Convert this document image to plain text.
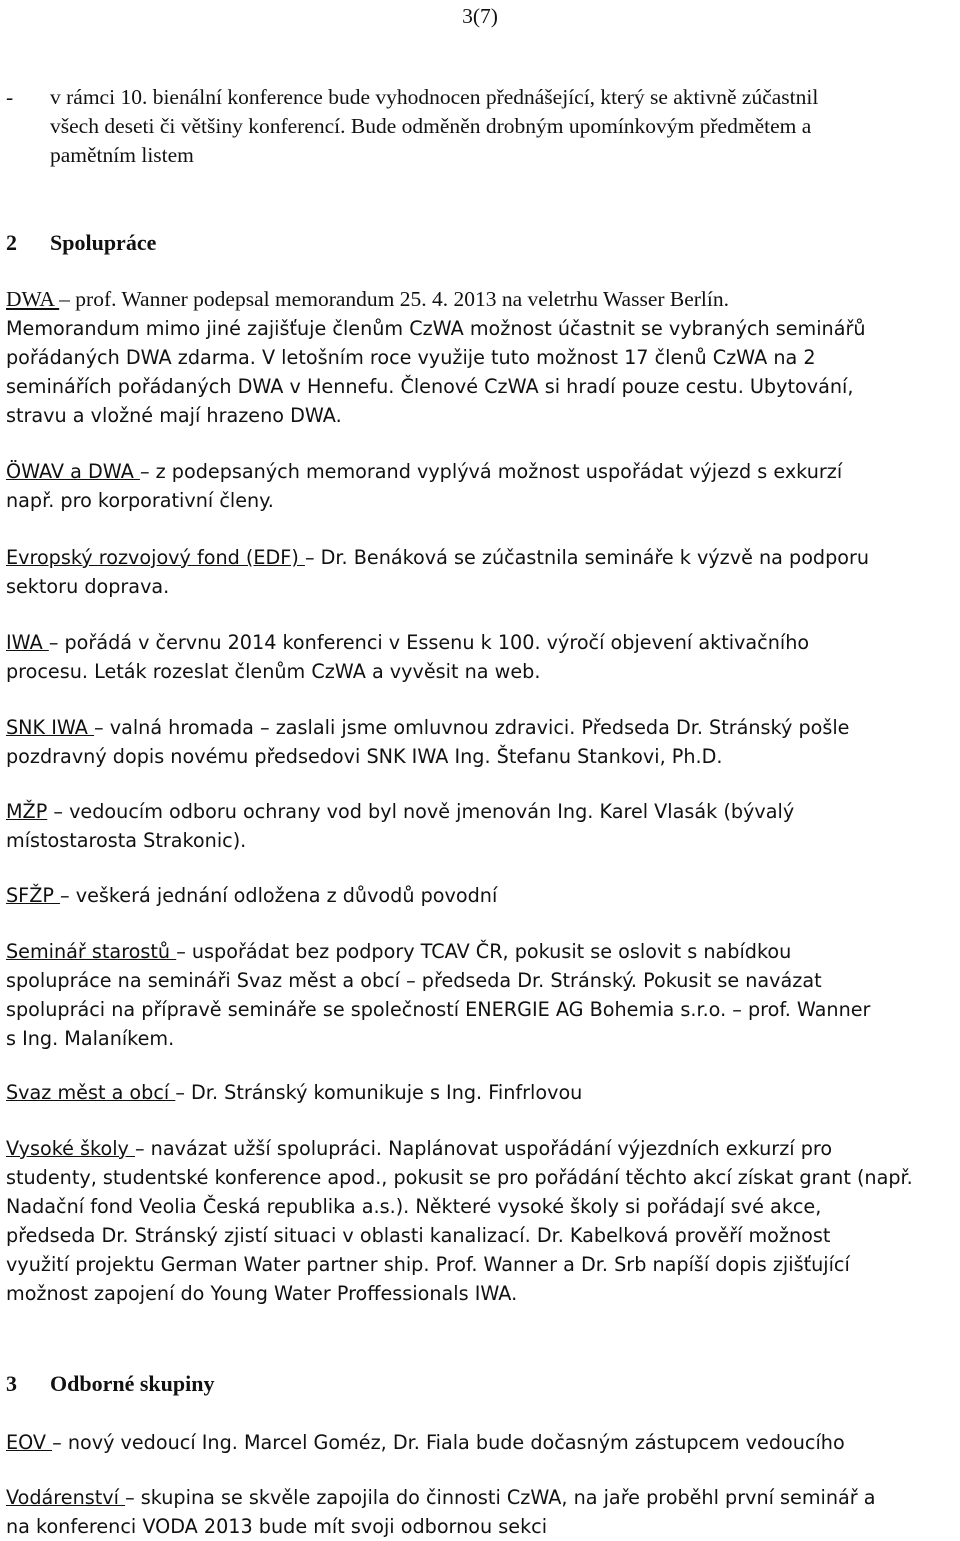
3(7)
- v rámci 10. bienální konference bude vyhodnocen přednášející, který se aktivně zúčastnil
všech deseti či většiny konferencí. Bude odměněn drobným upomínkovým předmětem a
pamětním listem
2 Spolupráce
DWA – prof. Wanner podepsal memorandum 25. 4. 2013 na veletrhu Wasser Berlín.
Memorandum mimo jiné zajišťuje členům CzWA možnost účastnit se vybraných seminářů
pořádaných DWA zdarma. V letošním roce využije tuto možnost 17 členů CzWA na 2
seminářích pořádaných DWA v Hennefu. Členové CzWA si hradí pouze cestu. Ubytování,
stravu a vložné mají hrazeno DWA.
ÖWAV a DWA – z podepsaných memorand vyplývá možnost uspořádat výjezd s exkurzí
např. pro korporativní členy.
Evropský rozvojový fond (EDF) – Dr. Benáková se zúčastnila semináře k výzvě na podporu
sektoru doprava.
IWA – pořádá v červnu 2014 konferenci v Essenu k 100. výročí objevení aktivačního
procesu. Leták rozeslat členům CzWA a vyvěsit na web.
SNK IWA – valná hromada – zaslali jsme omluvnou zdravici. Předseda Dr. Stránský pošle
pozdravný dopis novému předsedovi SNK IWA Ing. Štefanu Stankovi, Ph.D.
MŽP – vedoucím odboru ochrany vod byl nově jmenován Ing. Karel Vlasák (bývalý
místostarosta Strakonic).
SFŽP – veškerá jednání odložena z důvodů povodní
Seminář starostů – uspořádat bez podpory TCAV ČR, pokusit se oslovit s nabídkou
spolupráce na semináři Svaz měst a obcí – předseda Dr. Stránský. Pokusit se navázat
spolupráci na přípravě semináře se společností ENERGIE AG Bohemia s.r.o. – prof. Wanner
s Ing. Malaníkem.
Svaz měst a obcí – Dr. Stránský komunikuje s Ing. Finfrlovou
Vysoké školy – navázat užší spolupráci. Naplánovat uspořádání výjezdních exkurzí pro
studenty, studentské konference apod., pokusit se pro pořádání těchto akcí získat grant (např.
Nadační fond Veolia Česká republika a.s.). Některé vysoké školy si pořádají své akce,
předseda Dr. Stránský zjistí situaci v oblasti kanalizací. Dr. Kabelková prověří možnost
využití projektu German Water partner ship. Prof. Wanner a Dr. Srb napíší dopis zjišťující
možnost zapojení do Young Water Proffessionals IWA.
3 Odborné skupiny
EOV – nový vedoucí Ing. Marcel Goméz, Dr. Fiala bude dočasným zástupcem vedoucího
Vodárenství – skupina se skvěle zapojila do činnosti CzWA, na jaře proběhl první seminář a
na konferenci VODA 2013 bude mít svoji odbornou sekci
